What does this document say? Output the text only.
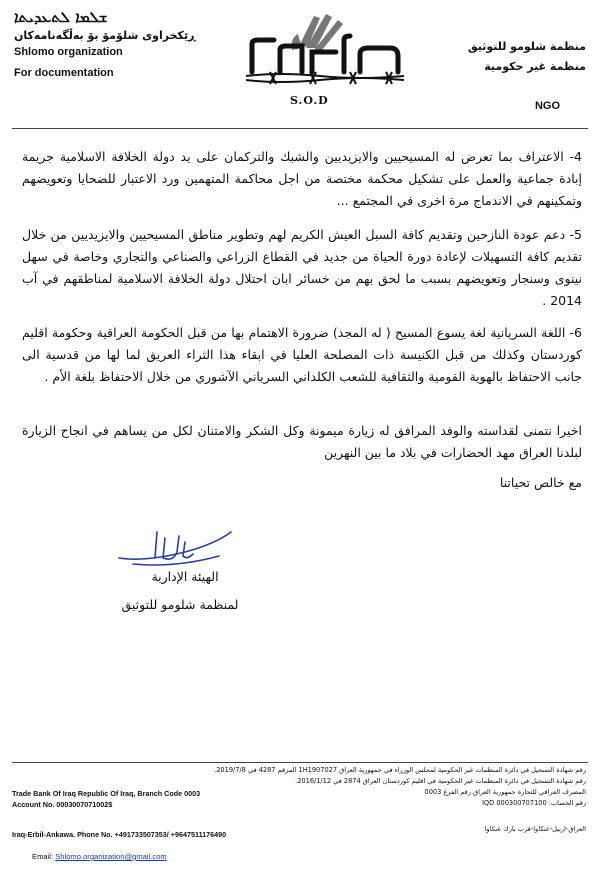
ܫܠܡܐ ܠܬܥܕܝܬܐ
ڕێکخراوی شلۆمۆ بۆ بەڵگەنامەکان
Shlomo organization
For documentation
S.O.D
منظمة شلومو للتوثيق
منظمة غير حكومية
NGO
4- الاعتراف بما تعرض له المسيحيين والايزيديين والشبك والتركمان على يد دولة الخلافة الاسلامية جريمة إبادة جماعية والعمل على تشكيل محكمة مختصة من اجل محاكمة المتهمين ورد الاعتبار للضحايا وتعويضهم وتمكينهم في الاندماج مرة اخرى في المجتمع ...
5- دعم عودة النازحين وتقديم كافة السبل العيش الكريم لهم وتطوير مناطق المسيحيين والايزيديين من خلال تقديم كافة التسهيلات لإعادة دورة الحياة من جديد في القطاع الزراعي والصناعي والتجاري وخاصة في سهل نينوى وسنجار وتعويضهم بسبب ما لحق بهم من خسائر ابان احتلال دولة الخلافة الاسلامية لمناطقهم في آب 2014 .
6- اللغة السريانية لغة يسوع المسيح ( له المجد) ضرورة الاهتمام بها من قبل الحكومة العراقية وحكومة اقليم كوردستان وكذلك من قبل الكنيسة ذات المصلحة العليا في ابقاء هذا الثراء العريق لما لها من قدسية الى جانب الاحتفاظ بالهوية القومية والثقافية للشعب الكلداني السرياني الآشوري من خلال الاحتفاظ بلغة الأم .
اخيرا نتمنى لقداسته والوفد المرافق له زيارة ميمونة وكل الشكر والامتنان لكل من يساهم في انجاح الزيارة لبلدنا العراق مهد الحضارات في بلاد ما بين النهرين
مع خالص تحياتنا
الهيئة الإدارية
لمنظمة شلومو للتوثيق
رقم شهادة التسجيل في دائرة المنظمات غير الحكومية لمجلس الوزراء في جمهورية العراق 1H1907027 المرقم 4287 في 2019/7/8.
رقم شهادة التسجيل في دائرة المنظمات غير الحكومية في اقليم كوردستان العراق 2874 في 2016/1/12.
المصرف العراقي للتجارة جمهورية العراق رقم الفرع 0003
رقم الحساب: 000300707100 IQD
العراق-اربيل-عنكاوا-قرب بارك عنكاوا
Trade Bank Of Iraq Republic Of Iraq, Branch Code 0003
Account No. 0003007071002$
Iraq-Erbil-Ankawa. Phone No. +491733507353/ +9647511176490
Email: Shlomo.organization@gmail.com
